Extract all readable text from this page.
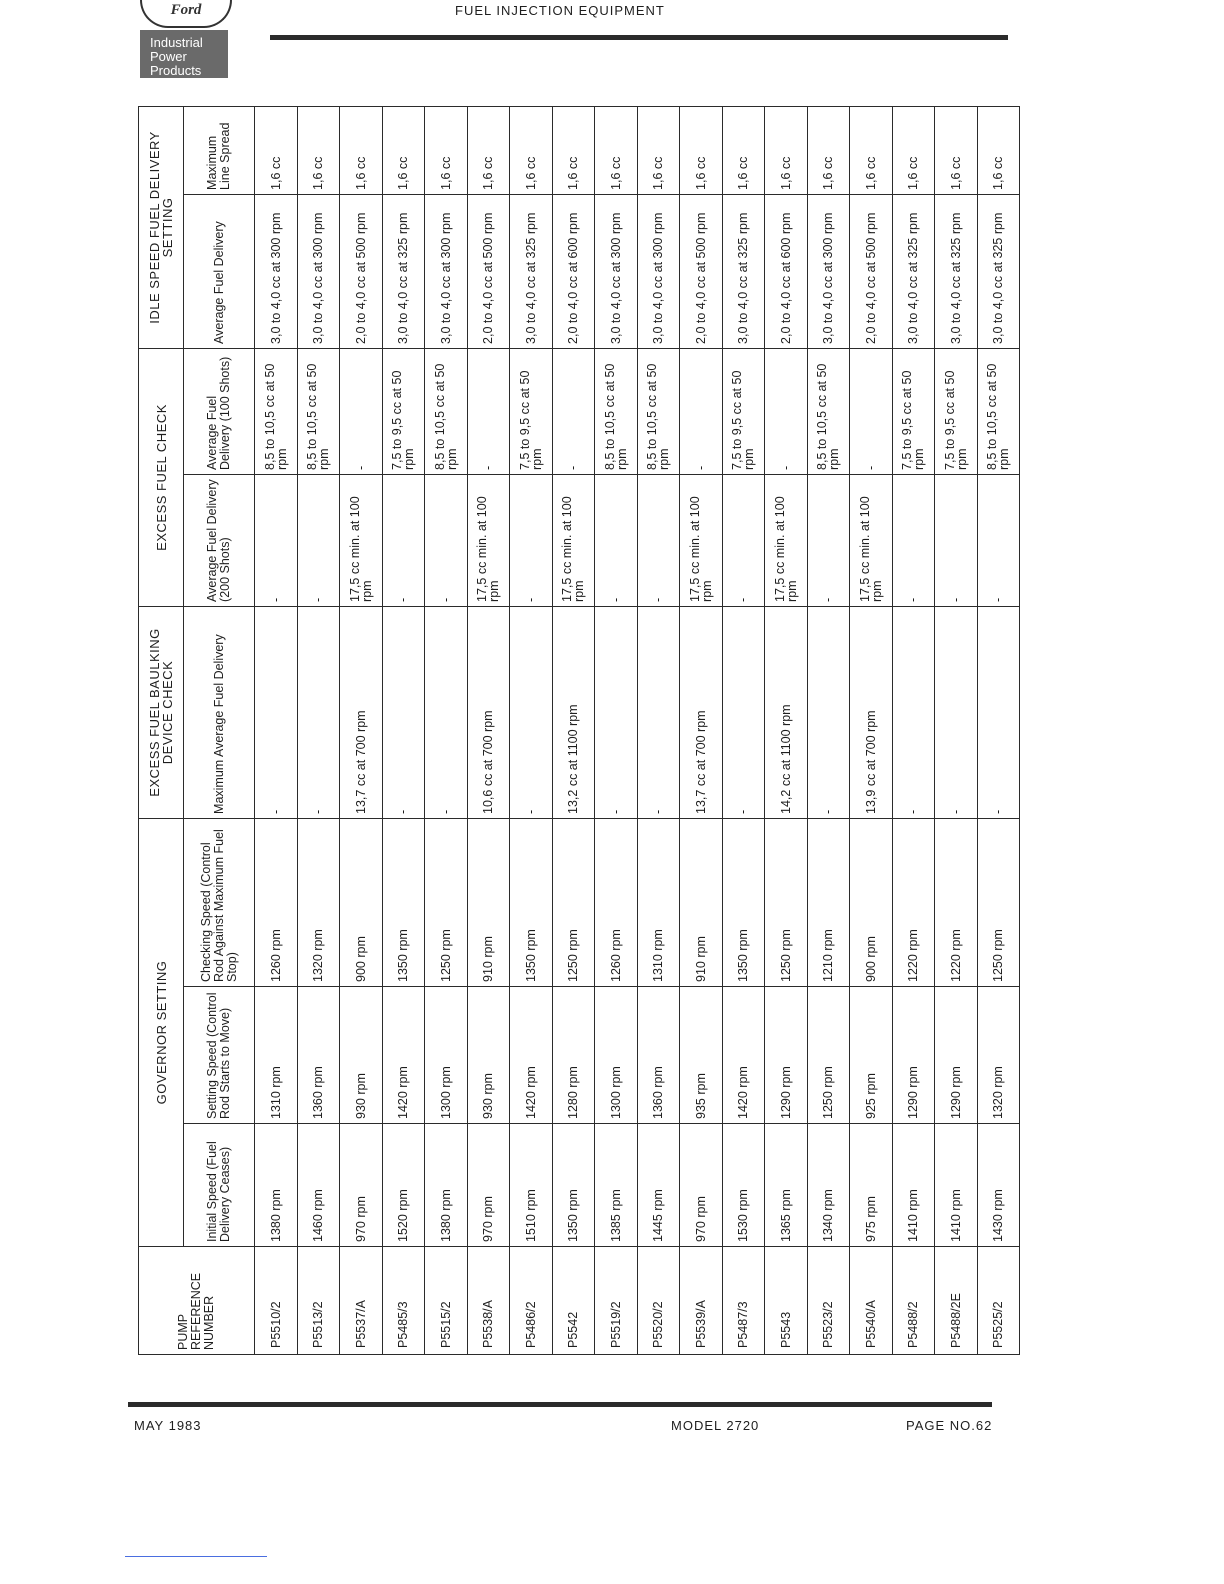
Ford
Industrial
Power
Products
FUEL INJECTION EQUIPMENT
PUMP REFERENCE NUMBER	GOVERNOR SETTING			EXCESS FUEL BAULKING DEVICE CHECK	EXCESS FUEL CHECK		IDLE SPEED FUEL DELIVERY SETTING	
	Initial Speed (Fuel Delivery Ceases)	Setting Speed (Control Rod Starts to Move)	Checking Speed (Control Rod Against Maximum Fuel Stop)	Maximum Average Fuel Delivery	Average Fuel Delivery (200 Shots)	Average Fuel Delivery (100 Shots)	Average Fuel Delivery	Maximum Line Spread
P5510/2	1380 rpm	1310 rpm	1260 rpm	-	-	8,5 to 10,5 cc at 50 rpm	3,0 to 4,0 cc at 300 rpm	1,6 cc
P5513/2	1460 rpm	1360 rpm	1320 rpm	-	-	8,5 to 10,5 cc at 50 rpm	3,0 to 4,0 cc at 300 rpm	1,6 cc
P5537/A	970 rpm	930 rpm	900 rpm	13,7 cc at 700 rpm	17,5 cc min. at 100 rpm	-	2,0 to 4,0 cc at 500 rpm	1,6 cc
P5485/3	1520 rpm	1420 rpm	1350 rpm	-	-	7,5 to 9,5 cc at 50 rpm	3,0 to 4,0 cc at 325 rpm	1,6 cc
P5515/2	1380 rpm	1300 rpm	1250 rpm	-	-	8,5 to 10,5 cc at 50 rpm	3,0 to 4,0 cc at 300 rpm	1,6 cc
P5538/A	970 rpm	930 rpm	910 rpm	10,6 cc at 700 rpm	17,5 cc min. at 100 rpm	-	2,0 to 4,0 cc at 500 rpm	1,6 cc
P5486/2	1510 rpm	1420 rpm	1350 rpm	-	-	7,5 to 9,5 cc at 50 rpm	3,0 to 4,0 cc at 325 rpm	1,6 cc
P5542	1350 rpm	1280 rpm	1250 rpm	13,2 cc at 1100 rpm	17,5 cc min. at 100 rpm	-	2,0 to 4,0 cc at 600 rpm	1,6 cc
P5519/2	1385 rpm	1300 rpm	1260 rpm	-	-	8,5 to 10,5 cc at 50 rpm	3,0 to 4,0 cc at 300 rpm	1,6 cc
P5520/2	1445 rpm	1360 rpm	1310 rpm	-	-	8,5 to 10,5 cc at 50 rpm	3,0 to 4,0 cc at 300 rpm	1,6 cc
P5539/A	970 rpm	935 rpm	910 rpm	13,7 cc at 700 rpm	17,5 cc min. at 100 rpm	-	2,0 to 4,0 cc at 500 rpm	1,6 cc
P5487/3	1530 rpm	1420 rpm	1350 rpm	-	-	7,5 to 9,5 cc at 50 rpm	3,0 to 4,0 cc at 325 rpm	1,6 cc
P5543	1365 rpm	1290 rpm	1250 rpm	14,2 cc at 1100 rpm	17,5 cc min. at 100 rpm	-	2,0 to 4,0 cc at 600 rpm	1,6 cc
P5523/2	1340 rpm	1250 rpm	1210 rpm	-	-	8,5 to 10,5 cc at 50 rpm	3,0 to 4,0 cc at 300 rpm	1,6 cc
P5540/A	975 rpm	925 rpm	900 rpm	13,9 cc at 700 rpm	17,5 cc min. at 100 rpm	-	2,0 to 4,0 cc at 500 rpm	1,6 cc
P5488/2	1410 rpm	1290 rpm	1220 rpm	-	-	7,5 to 9,5 cc at 50 rpm	3,0 to 4,0 cc at 325 rpm	1,6 cc
P5488/2E	1410 rpm	1290 rpm	1220 rpm	-	-	7,5 to 9,5 cc at 50 rpm	3,0 to 4,0 cc at 325 rpm	1,6 cc
P5525/2	1430 rpm	1320 rpm	1250 rpm	-	-	8,5 to 10,5 cc at 50 rpm	3,0 to 4,0 cc at 325 rpm	1,6 cc
MAY 1983	MODEL 2720	PAGE NO.62
